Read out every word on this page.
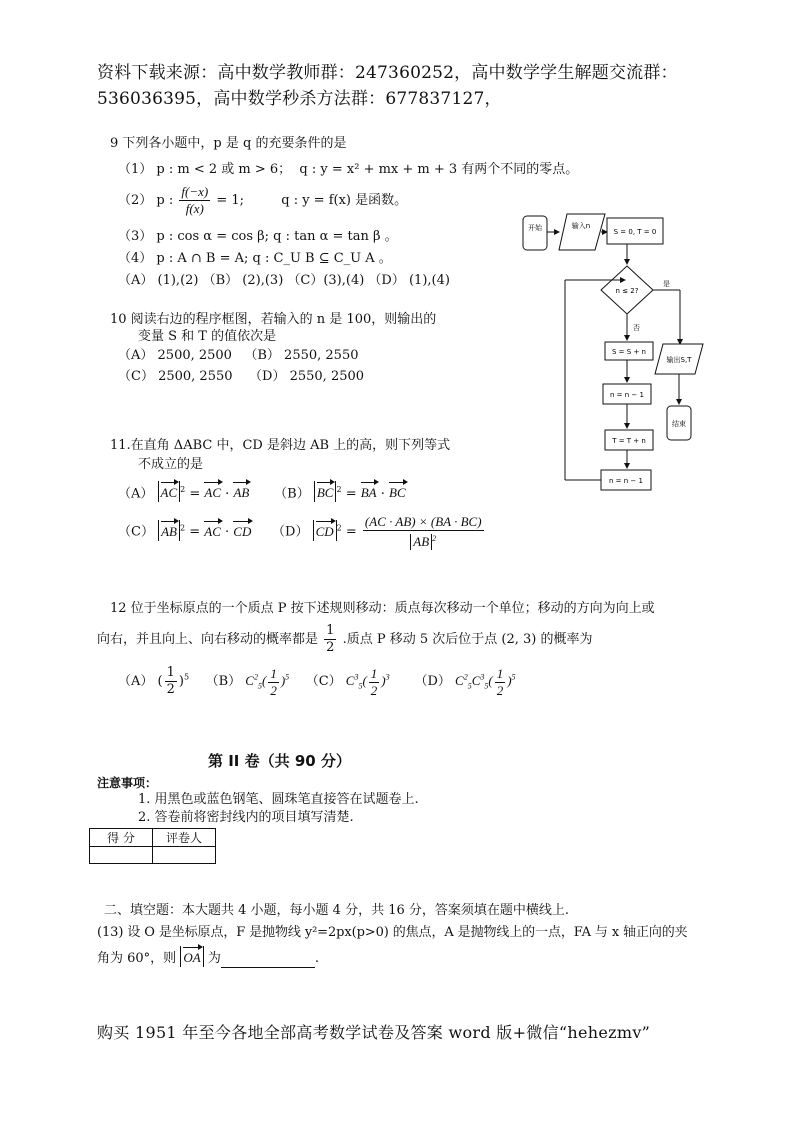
资料下载来源：高中数学教师群：247360252，高中数学学生解题交流群：
536036395，高中数学秒杀方法群：677837127，
9 下列各小题中，p 是 q 的充要条件的是
（1） p : m < 2 或 m > 6； q : y = x² + mx + m + 3 有两个不同的零点。
（2） p : $\frac{f(-x)}{f(x)} = 1$;	q : y = f(x) 是函数。
（3） p : cos α = cos β; q : tan α = tan β 。
（4） p : A ∩ B = A; q : C_U B ⊆ C_U A 。
（A） (1),(2) （B） (2),(3) （C）(3),(4) （D） (1),(4)
开始	输入n
S = 0, T = 0
n ≤ 2?
是
输出S,T
结束
否
S = S + n
n = n − 1
T = T + n
n = n − 1
10 阅读右边的程序框图，若输入的 n 是 100，则输出的
变量 S 和 T 的值依次是
（A） 2500, 2500 （B） 2550, 2550
（C） 2500, 2550 （D） 2550, 2500
11.在直角 ΔABC 中，CD 是斜边 AB 上的高，则下列等式
不成立的是
（A） AC $^2$ = AC · AB （B） BC $^2$ = BA · BC
（C） AB $^2$ = AC · CD （D） CD $^2 = \frac{(AC \cdot AB) \times (BA \cdot BC)}{AB ^2}$
12 位于坐标原点的一个质点 P 按下述规则移动：质点每次移动一个单位；移动的方向为向上或
向右，并且向上、向右移动的概率都是 $\frac{1}{2}$ .质点 P 移动 5 次后位于点 (2, 3) 的概率为
（A） ( $\frac{1}{2} )^5$ （B） $C^2_5( \frac{1}{2} )^5$ （C） $C^3_5( \frac{1}{2} )^3$ （D） $C^2_5C^3_5( \frac{1}{2} )^5$
第 II 卷（共 90 分）
注意事项：
1. 用黑色或蓝色钢笔、圆珠笔直接答在试题卷上.
2. 答卷前将密封线内的项目填写清楚.
得 分	评卷人

二、填空题：本大题共 4 小题，每小题 4 分，共 16 分，答案须填在题中横线上.
(13) 设 O 是坐标原点，F 是抛物线 y²=2px(p>0) 的焦点，A 是抛物线上的一点，FA 与 x 轴正向的夹
角为 60°，则 OA 为	.
购买 1951 年至今各地全部高考数学试卷及答案 word 版+微信“hehezmv”
